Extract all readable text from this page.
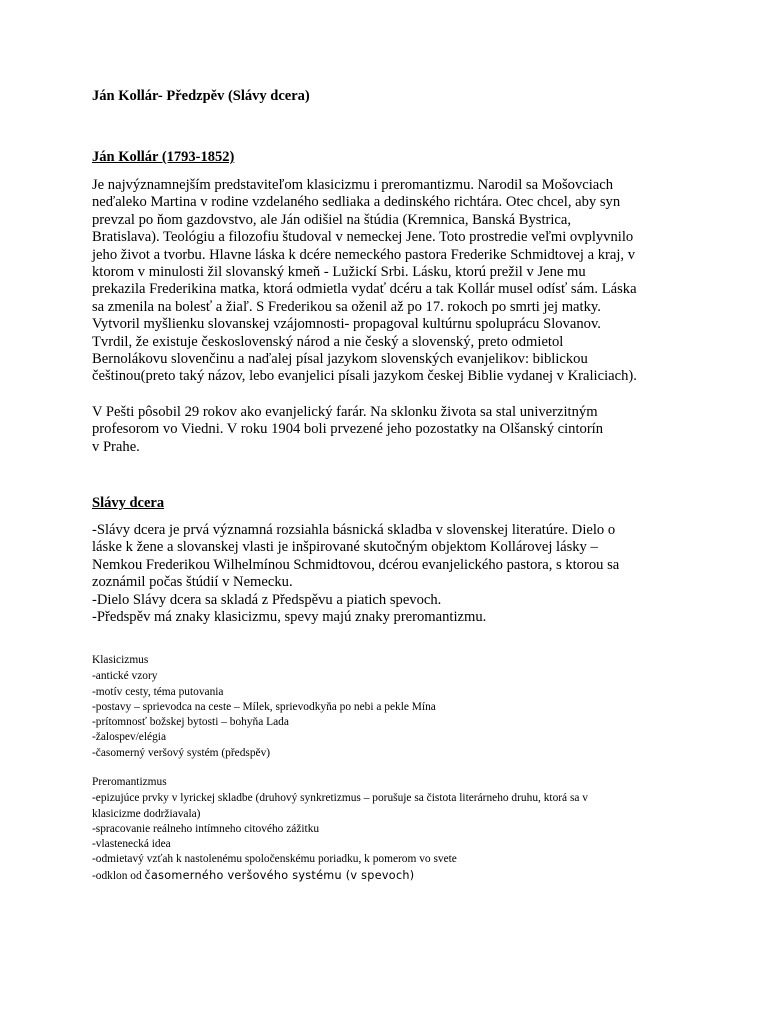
Ján Kollár- Předzpěv (Slávy dcera)
Ján Kollár (1793-1852)

Je najvýznamnejším predstaviteľom klasicizmu i preromantizmu. Narodil sa Mošovciach
neďaleko Martina v rodine vzdelaného sedliaka a dedinského richtára. Otec chcel, aby syn
prevzal po ňom gazdovstvo, ale Ján odišiel na štúdia (Kremnica, Banská Bystrica,
Bratislava). Teológiu a filozofiu študoval v nemeckej Jene. Toto prostredie veľmi ovplyvnilo
jeho život a tvorbu. Hlavne láska k dcére nemeckého pastora Frederike Schmidtovej a kraj, v
ktorom v minulosti žil slovanský kmeň - Lužickí Srbi. Lásku, ktorú prežil v Jene mu
prekazila Frederikina matka, ktorá odmietla vydať dcéru a tak Kollár musel odísť sám. Láska
sa zmenila na bolesť a žiaľ. S Frederikou sa oženil až po 17. rokoch po smrti jej matky.
Vytvoril myšlienku slovanskej vzájomnosti- propagoval kultúrnu spoluprácu Slovanov.
Tvrdil, že existuje československý národ a nie český a slovenský, preto odmietol
Bernolákovu slovenčinu a naďalej písal jazykom slovenských evanjelikov: biblickou
češtinou(preto taký názov, lebo evanjelici písali jazykom českej Biblie vydanej v Kraliciach).

V Pešti pôsobil 29 rokov ako evanjelický farár. Na sklonku života sa stal univerzitným
profesorom vo Viedni. V roku 1904 boli prvezené jeho pozostatky na Olšanský cintorín
v Prahe.

Slávy dcera

-Slávy dcera je prvá významná rozsiahla básnická skladba v slovenskej literatúre. Dielo o
láske k žene a slovanskej vlasti je inšpirované skutočným objektom Kollárovej lásky –
Nemkou Frederikou Wilhelmínou Schmidtovou, dcérou evanjelického pastora, s ktorou sa
zoznámil počas štúdií v Nemecku.
-Dielo Slávy dcera sa skladá z Předspěvu a piatich spevoch.
-Předspěv má znaky klasicizmu, spevy majú znaky preromantizmu.

Klasicizmus
-antické vzory
-motív cesty, téma putovania
-postavy – sprievodca na ceste – Mílek, sprievodkyňa po nebi a pekle Mína
-prítomnosť božskej bytosti – bohyňa Lada
-žalospev/elégia
-časomerný veršový systém (předspěv)
Preromantizmus
-epizujúce prvky v lyrickej skladbe (druhový synkretizmus – porušuje sa čistota literárneho druhu, ktorá sa v
klasicizme dodržiavala)
-spracovanie reálneho intímneho citového zážitku
-vlastenecká idea
-odmietavý vzťah k nastolenému spoločenskému poriadku, k pomerom vo svete
-odklon od časomerného veršového systému (v spevoch)
